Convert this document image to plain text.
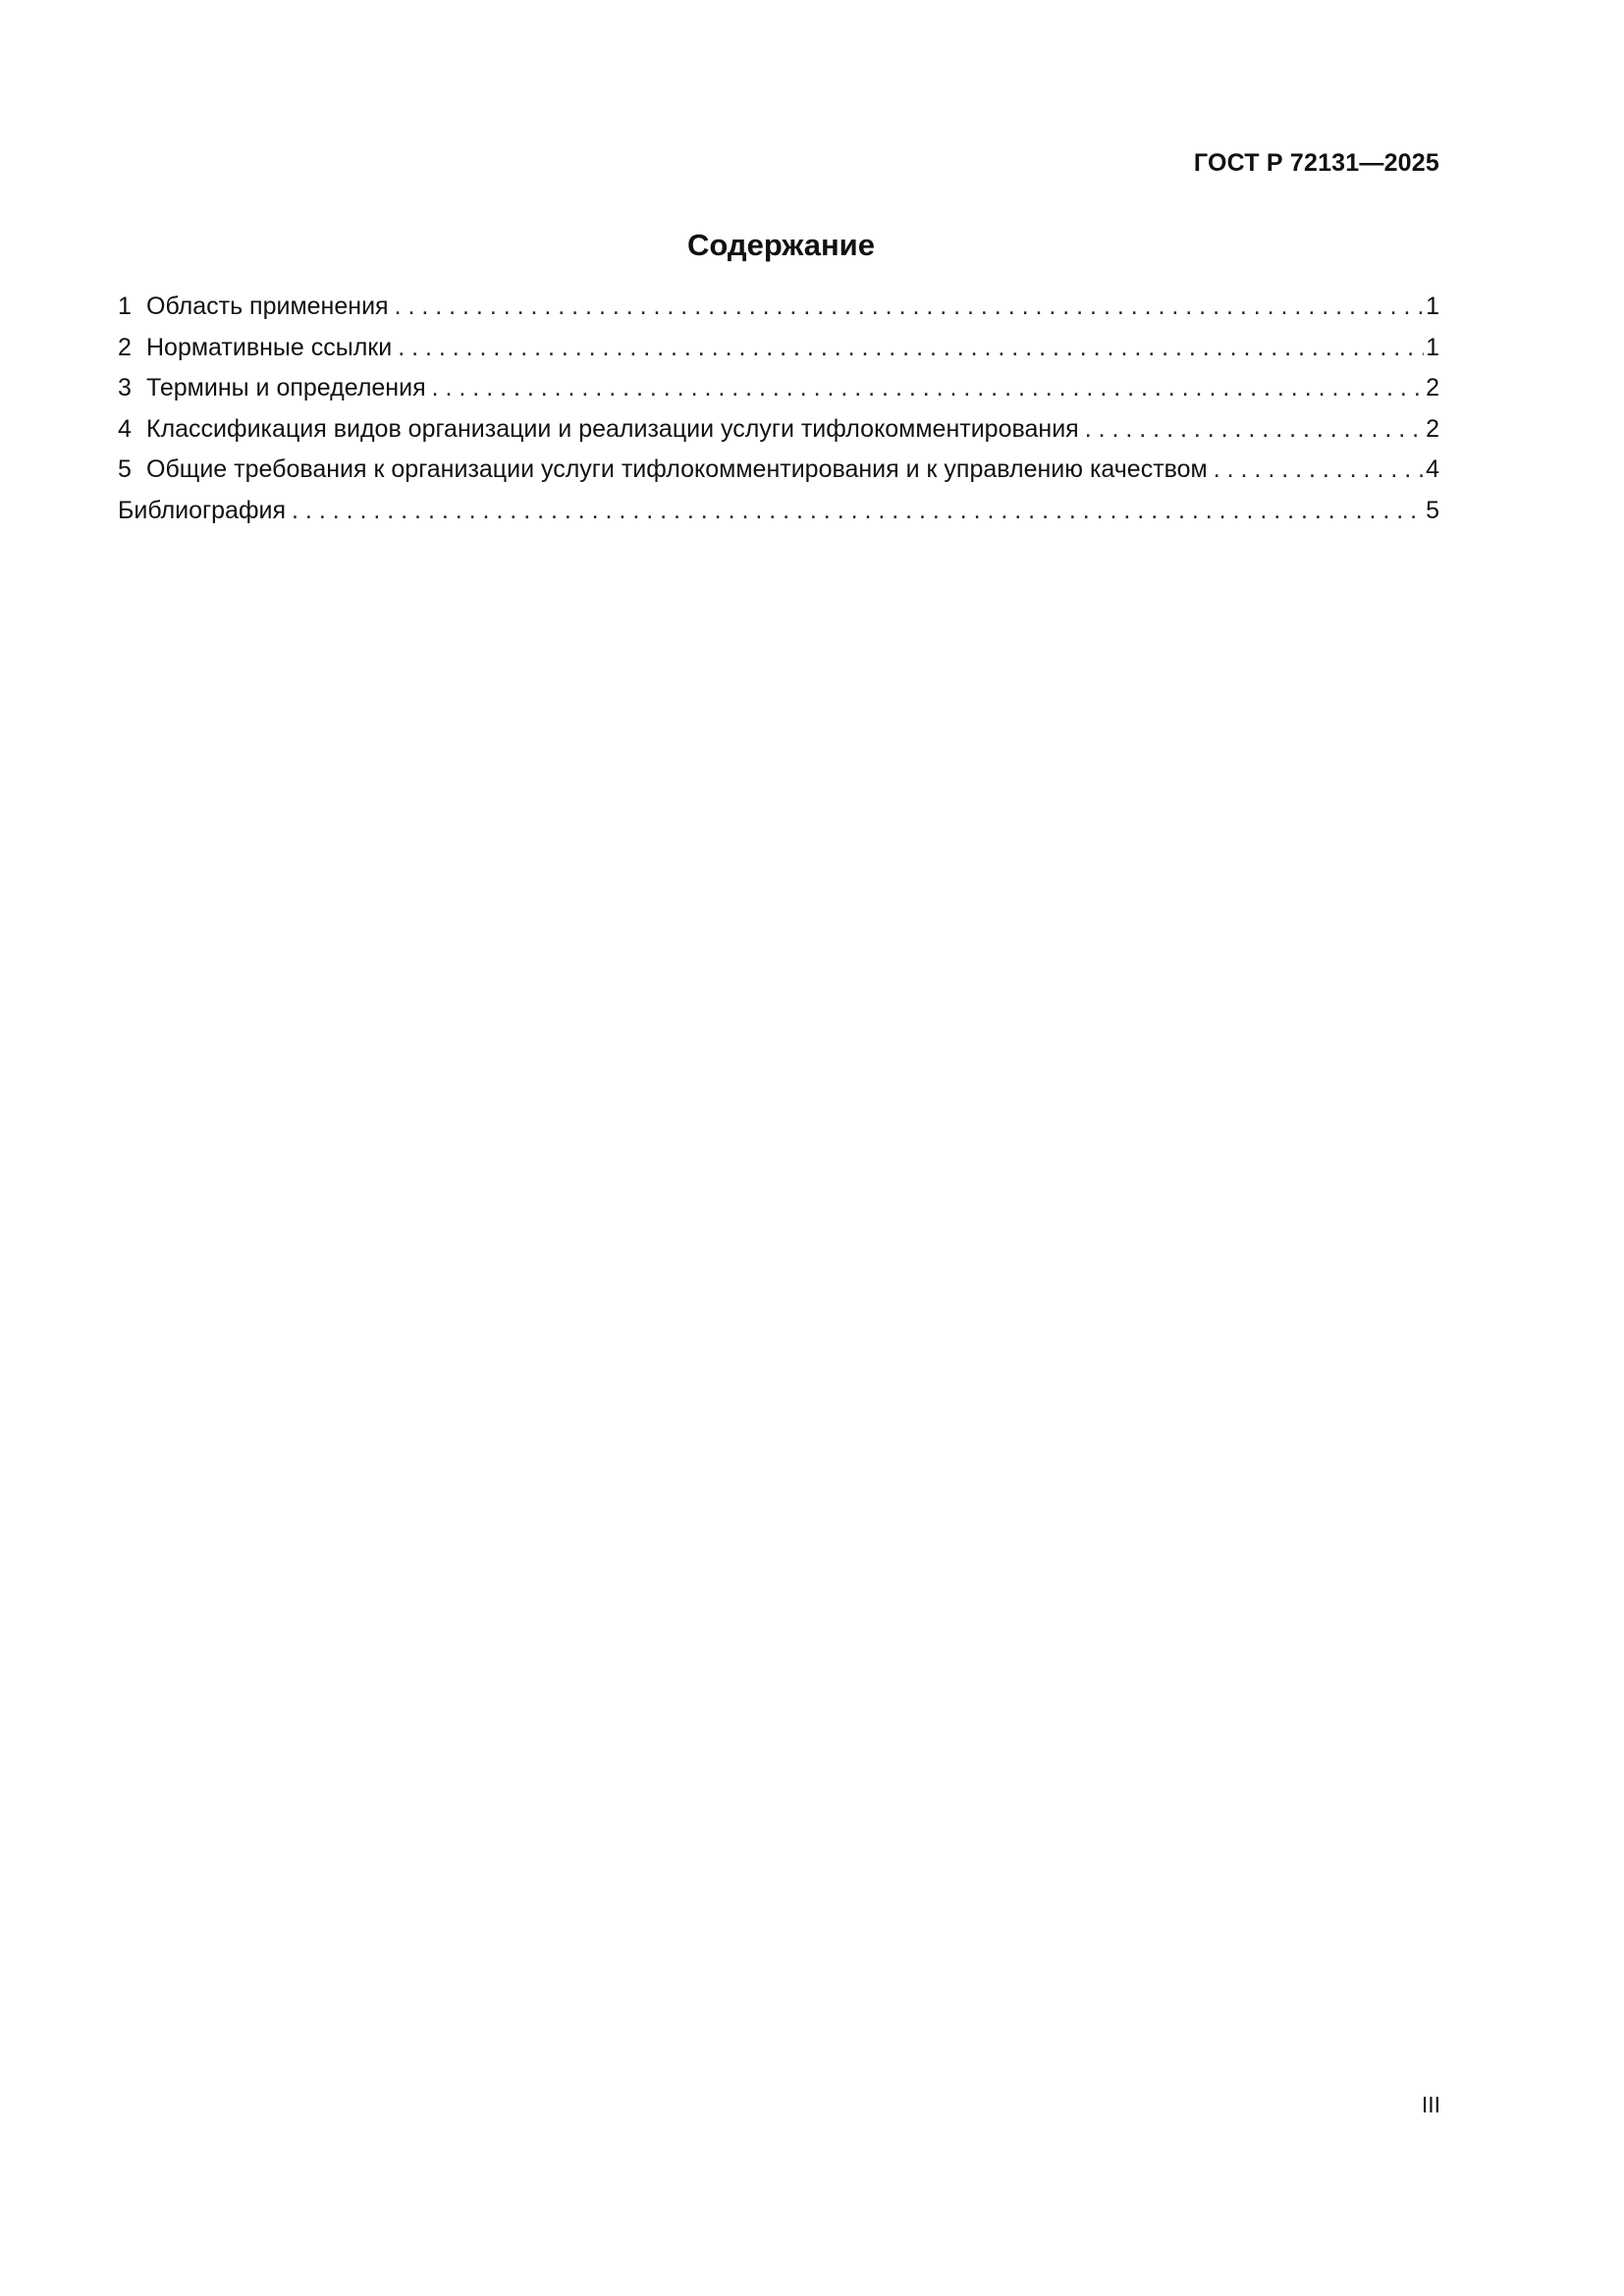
ГОСТ Р 72131—2025
Содержание
1 Область применения . . .	1
2 Нормативные ссылки . . .	1
3 Термины и определения . . .	2
4 Классификация видов организации и реализации услуги тифлокомментирования . . .	2
5 Общие требования к организации услуги тифлокомментирования и к управлению качеством . . .	4
Библиография . . .	5
III
